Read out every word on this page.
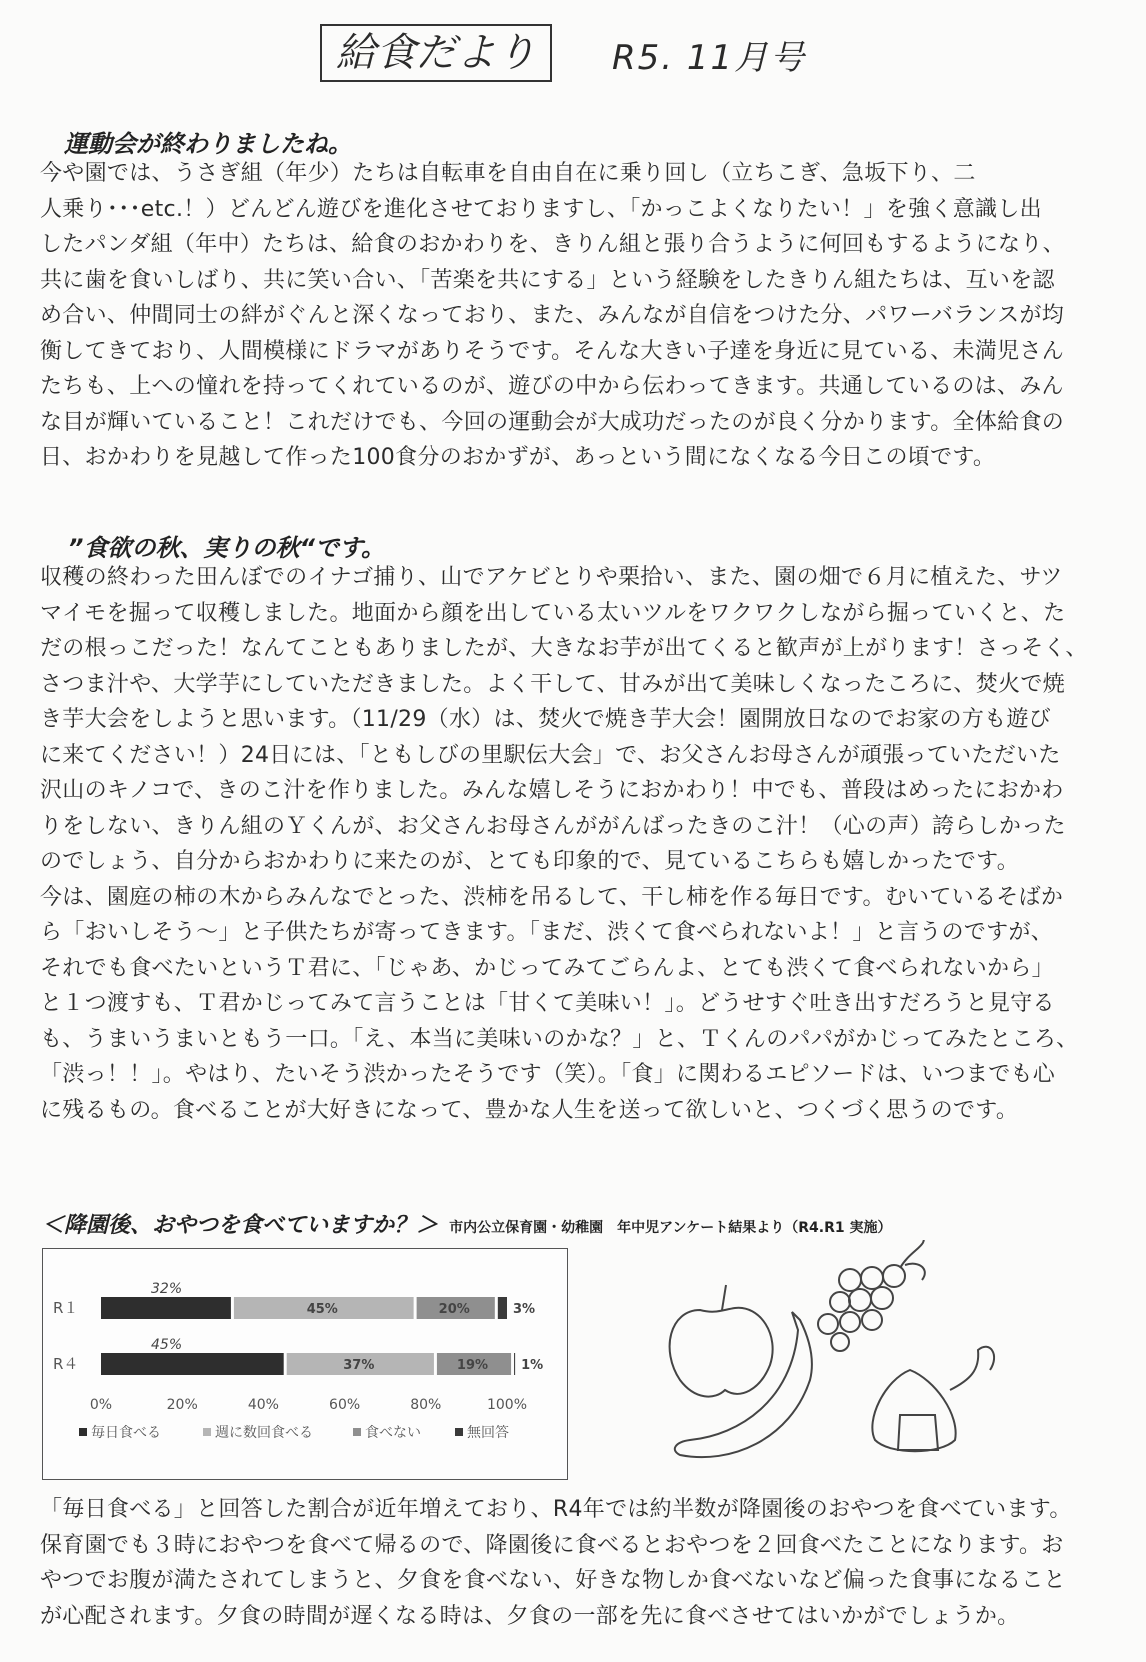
給食だより	R5. 11月号
運動会が終わりましたね。
今や園では、うさぎ組（年少）たちは自転車を自由自在に乗り回し（立ちこぎ、急坂下り、二
人乗り･･･etc.！）どんどん遊びを進化させておりますし、「かっこよくなりたい！」を強く意識し出
したパンダ組（年中）たちは、給食のおかわりを、きりん組と張り合うように何回もするようになり、
共に歯を食いしばり、共に笑い合い、「苦楽を共にする」という経験をしたきりん組たちは、互いを認
め合い、仲間同士の絆がぐんと深くなっており、また、みんなが自信をつけた分、パワーバランスが均
衡してきており、人間模様にドラマがありそうです。そんな大きい子達を身近に見ている、未満児さん
たちも、上への憧れを持ってくれているのが、遊びの中から伝わってきます。共通しているのは、みん
な目が輝いていること！これだけでも、今回の運動会が大成功だったのが良く分かります。全体給食の
日、おかわりを見越して作った100食分のおかずが、あっという間になくなる今日この頃です。
”食欲の秋、実りの秋“です。
収穫の終わった田んぼでのイナゴ捕り、山でアケビとりや栗拾い、また、園の畑で６月に植えた、サツ
マイモを掘って収穫しました。地面から顔を出している太いツルをワクワクしながら掘っていくと、た
だの根っこだった！なんてこともありましたが、大きなお芋が出てくると歓声が上がります！さっそく、
さつま汁や、大学芋にしていただきました。よく干して、甘みが出て美味しくなったころに、焚火で焼
き芋大会をしようと思います。（11/29（水）は、焚火で焼き芋大会！園開放日なのでお家の方も遊び
に来てください！）24日には、「ともしびの里駅伝大会」で、お父さんお母さんが頑張っていただいた
沢山のキノコで、きのこ汁を作りました。みんな嬉しそうにおかわり！中でも、普段はめったにおかわ
りをしない、きりん組のＹくんが、お父さんお母さんががんばったきのこ汁！（心の声）誇らしかった
のでしょう、自分からおかわりに来たのが、とても印象的で、見ているこちらも嬉しかったです。
今は、園庭の柿の木からみんなでとった、渋柿を吊るして、干し柿を作る毎日です。むいているそばか
ら「おいしそう～」と子供たちが寄ってきます。「まだ、渋くて食べられないよ！」と言うのですが、
それでも食べたいというＴ君に、「じゃあ、かじってみてごらんよ、とても渋くて食べられないから」
と１つ渡すも、Ｔ君かじってみて言うことは「甘くて美味い！」。どうせすぐ吐き出すだろうと見守る
も、うまいうまいともう一口。「え、本当に美味いのかな？」と、Ｔくんのパパがかじってみたところ、
「渋っ！！」。やはり、たいそう渋かったそうです（笑）。「食」に関わるエピソードは、いつまでも心
に残るもの。食べることが大好きになって、豊かな人生を送って欲しいと、つくづく思うのです。
＜降園後、おやつを食べていますか？＞ 市内公立保育園・幼稚園　年中児アンケート結果より（R4.R1 実施）
R１
32%
45%	20%	3%
R４
45%
37%	19%	1%
0%	20%	40%	60%	80%	100%
毎日食べる	週に数回食べる	食べない	無回答
「毎日食べる」と回答した割合が近年増えており、R4年では約半数が降園後のおやつを食べています。
保育園でも３時におやつを食べて帰るので、降園後に食べるとおやつを２回食べたことになります。お
やつでお腹が満たされてしまうと、夕食を食べない、好きな物しか食べないなど偏った食事になること
が心配されます。夕食の時間が遅くなる時は、夕食の一部を先に食べさせてはいかがでしょうか。
